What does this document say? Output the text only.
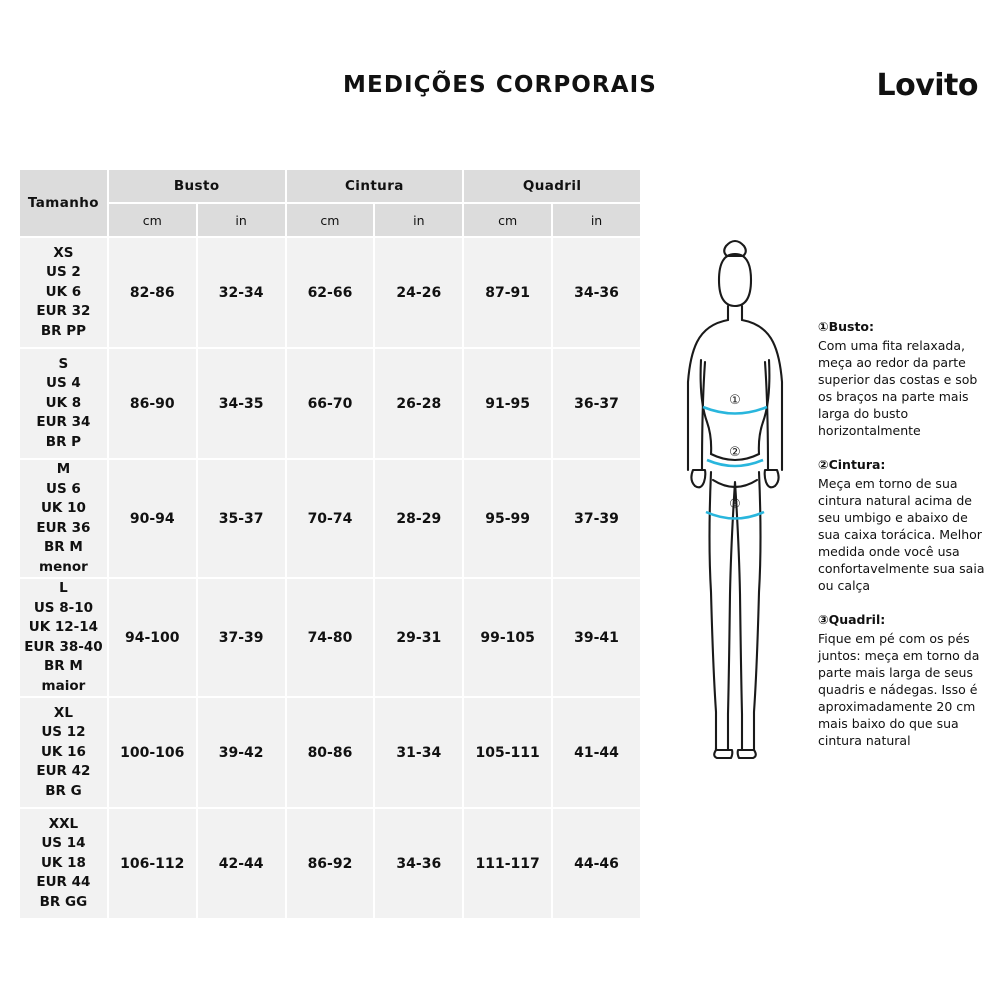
MEDIÇÕES CORPORAIS	Lovito
Tamanho	Busto		Cintura		Quadril	
	cm	in	cm	in	cm	in

XS
US 2
UK 6
EUR 32
BR PP	82-86	32-34	62-66	24-26	87-91	34-36

S
US 4
UK 8
EUR 34
BR P	86-90	34-35	66-70	26-28	91-95	36-37

M
US 6
UK 10
EUR 36
BR M menor	90-94	35-37	70-74	28-29	95-99	37-39

L
US 8-10
UK 12-14
EUR 38-40
BR M maior	94-100	37-39	74-80	29-31	99-105	39-41

XL
US 12
UK 16
EUR 42
BR G	100-106	39-42	80-86	31-34	105-111	41-44

XXL
US 14
UK 18
EUR 44
BR GG	106-112	42-44	86-92	34-36	111-117	44-46
①
②
③
①Busto:
Com uma fita relaxada, meça ao redor da parte superior das costas e sob os braços na parte mais larga do busto horizontalmente
②Cintura:
Meça em torno de sua cintura natural acima de seu umbigo e abaixo de sua caixa torácica. Melhor medida onde você usa confortavelmente sua saia ou calça
③Quadril:
Fique em pé com os pés juntos: meça em torno da parte mais larga de seus quadris e nádegas. Isso é aproximadamente 20 cm mais baixo do que sua cintura natural
